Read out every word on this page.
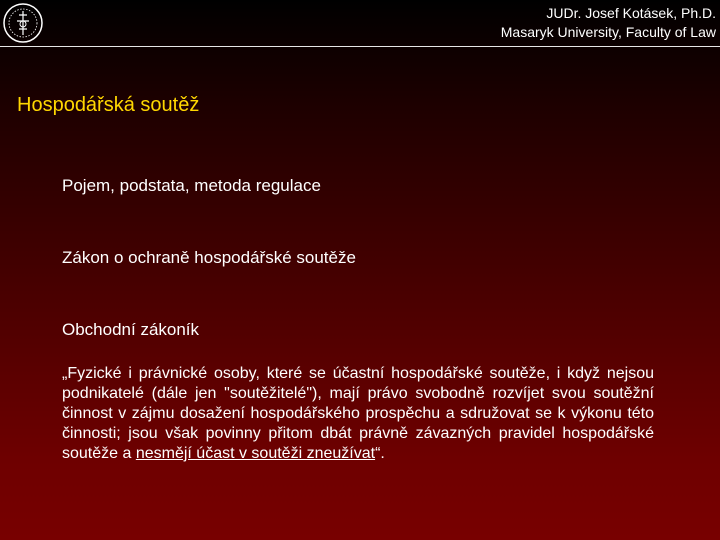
JUDr. Josef Kotásek, Ph.D.
Masaryk University, Faculty of Law
Hospodářská soutěž
Pojem, podstata, metoda regulace
Zákon o ochraně hospodářské soutěže
Obchodní zákoník
„Fyzické i právnické osoby, které se účastní hospodářské soutěže, i když nejsou podnikatelé (dále jen "soutěžitelé"), mají právo svobodně rozvíjet svou soutěžní činnost v zájmu dosažení hospodářského prospěchu a sdružovat se k výkonu této činnosti; jsou však povinny přitom dbát právně závazných pravidel hospodářské soutěže a nesmějí účast v soutěži zneužívat“.
